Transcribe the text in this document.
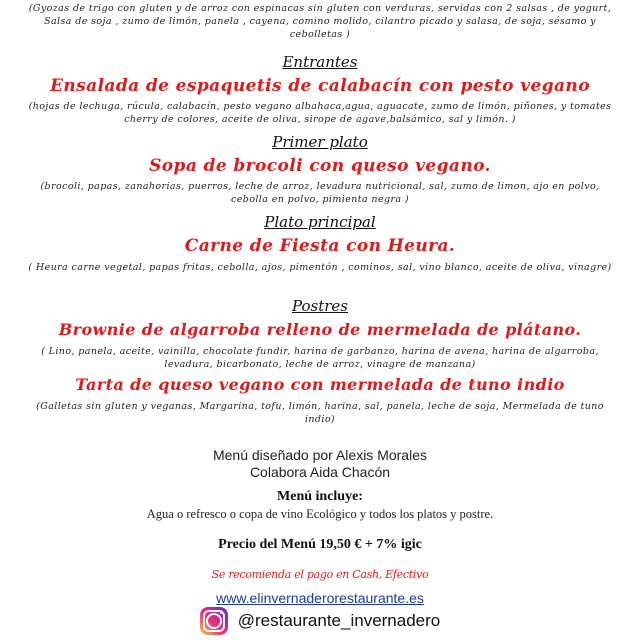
(Gyozas de trigo con gluten y de arroz con espinacas sin gluten con verduras, servidas con 2 salsas , de yogurt,
Salsa de soja , zumo de limón, panela , cayena, comino molido, cilantro picado y salasa, de soja, sésamo y
cebolletas )
Entrantes
Ensalada de espaquetis de calabacín con pesto vegano
(hojas de lechuga, rúcula, calabacín, pesto vegano albahaca,agua, aguacate, zumo de limón, piñones, y tomates
cherry de colores, aceite de oliva, sirope de agave,balsámico, sal y limón. )
Primer plato
Sopa de brocoli con queso vegano.
(brocoli, papas, zanahorias, puerros, leche de arroz, levadura nutricional, sal, zumo de limon, ajo en polvo,
cebolla en polvo, pimienta negra )
Plato principal
Carne de Fiesta con Heura.
( Heura carne vegetal, papas fritas, cebolla, ajos, pimentón , cominos, sal, vino blanco, aceite de oliva, vinagre)
Postres
Brownie de algarroba relleno de mermelada de plátano.
( Lino, panela, aceite, vainilla, chocolate fundir, harina de garbanzo, harina de avena, harina de algarroba,
levadura, bicarbonato, leche de arroz, vinagre de manzana)
Tarta de queso vegano con mermelada de tuno indio
(Galletas sin gluten y veganas, Margarina, tofu, limón, harina, sal, panela, leche de soja, Mermelada de tuno
indio)
Menú diseñado por Alexis Morales
Colabora Aida Chacón
Menú incluye:
Agua o refresco o copa de vino Ecológico y todos los platos y postre.
Precio del Menú 19,50 € + 7% igic
Se recomienda el pago en Cash, Efectivo
www.elinvernaderorestaurante.es
@restaurante_invernadero
